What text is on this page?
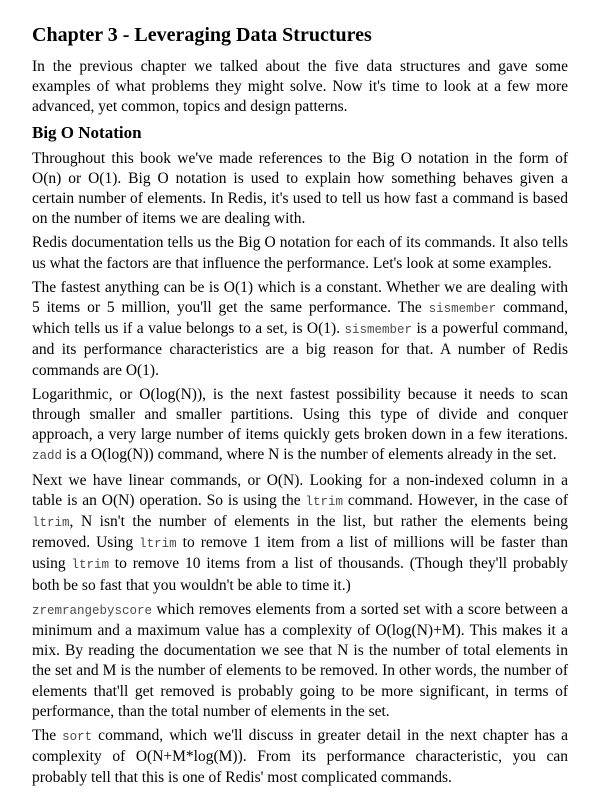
Chapter 3 - Leveraging Data Structures

In the previous chapter we talked about the five data structures and gave some examples of what problems they might solve. Now it's time to look at a few more advanced, yet common, topics and design patterns.

Big O Notation

Throughout this book we've made references to the Big O notation in the form of O(n) or O(1). Big O notation is used to explain how something behaves given a certain number of elements. In Redis, it's used to tell us how fast a command is based on the number of items we are dealing with.

Redis documentation tells us the Big O notation for each of its commands. It also tells us what the factors are that influence the performance. Let's look at some examples.

The fastest anything can be is O(1) which is a constant. Whether we are dealing with 5 items or 5 million, you'll get the same performance. The sismember command, which tells us if a value belongs to a set, is O(1). sismember is a powerful command, and its performance characteristics are a big reason for that. A number of Redis commands are O(1).

Logarithmic, or O(log(N)), is the next fastest possibility because it needs to scan through smaller and smaller partitions. Using this type of divide and conquer approach, a very large number of items quickly gets broken down in a few iterations. zadd is a O(log(N)) command, where N is the number of elements already in the set.

Next we have linear commands, or O(N). Looking for a non-indexed column in a table is an O(N) operation. So is using the ltrim command. However, in the case of ltrim, N isn't the number of elements in the list, but rather the elements being removed. Using ltrim to remove 1 item from a list of millions will be faster than using ltrim to remove 10 items from a list of thousands. (Though they'll probably both be so fast that you wouldn't be able to time it.)

zremrangebyscore which removes elements from a sorted set with a score between a minimum and a maximum value has a complexity of O(log(N)+M). This makes it a mix. By reading the documentation we see that N is the number of total elements in the set and M is the number of elements to be removed. In other words, the number of elements that'll get removed is probably going to be more significant, in terms of performance, than the total number of elements in the set.

The sort command, which we'll discuss in greater detail in the next chapter has a complexity of O(N+M*log(M)). From its performance characteristic, you can probably tell that this is one of Redis' most complicated commands.
